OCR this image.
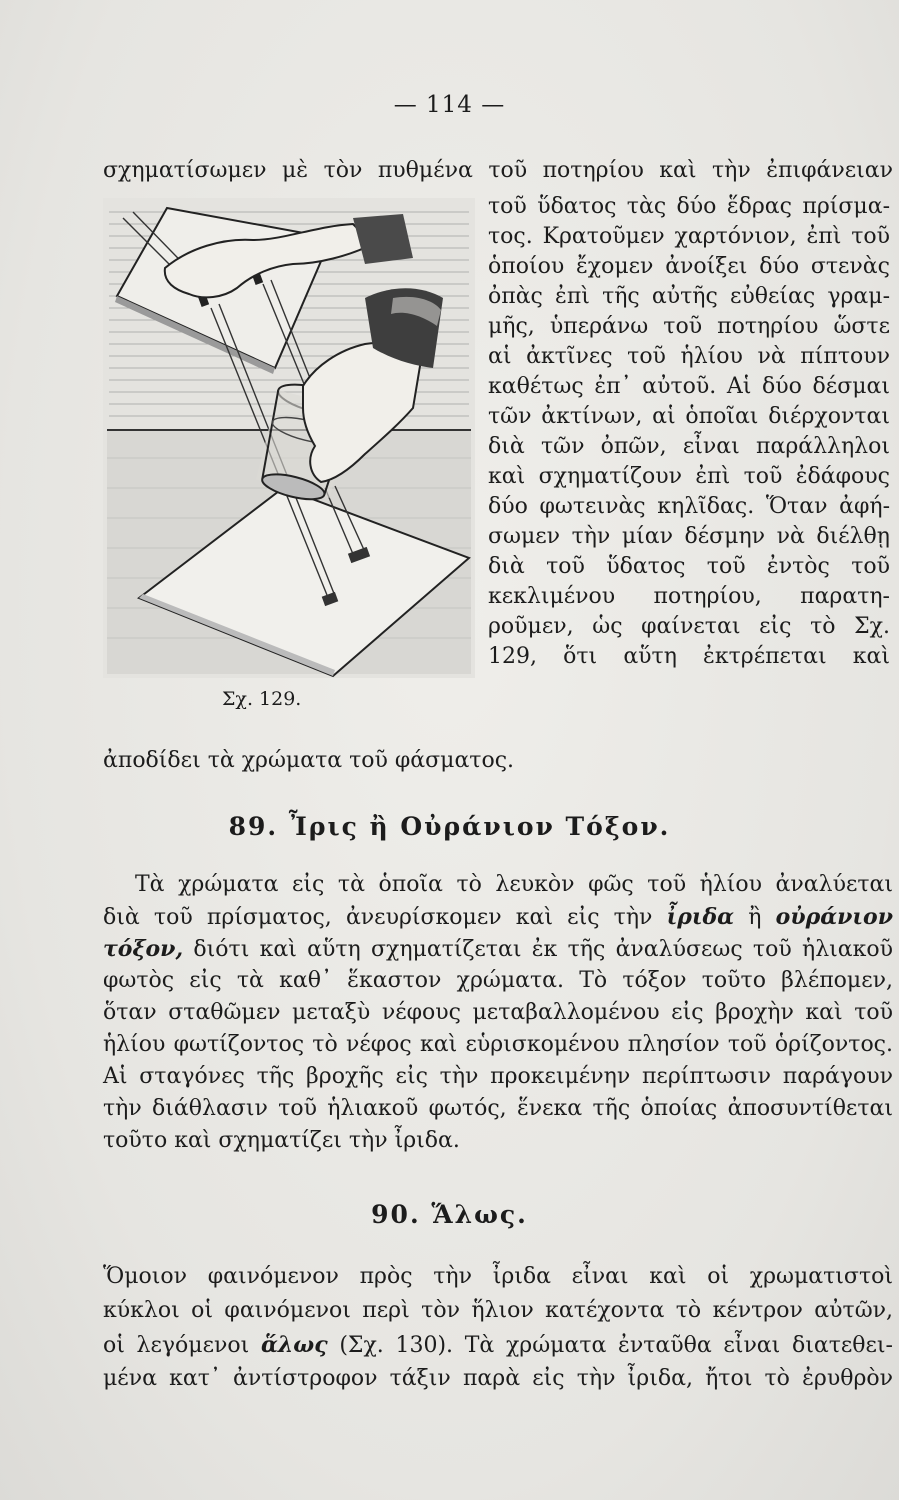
— 114 —
σχηματίσωμεν μὲ τὸν πυθμένα τοῦ ποτηρίου καὶ τὴν ἐπιφάνειαν
Σχ. 129.
τοῦ ὕδατος τὰς δύο ἕδρας πρίσμα-
τος. Κρατοῦμεν χαρτόνιον, ἐπὶ τοῦ
ὁποίου ἔχομεν ἀνοίξει δύο στενὰς
ὀπὰς ἐπὶ τῆς αὐτῆς εὐθείας γραμ-
μῆς, ὑπεράνω τοῦ ποτηρίου ὥστε
αἱ ἀκτῖνες τοῦ ἡλίου νὰ πίπτουν
καθέτως ἐπ᾽ αὐτοῦ. Αἱ δύο δέσμαι
τῶν ἀκτίνων, αἱ ὁποῖαι διέρχονται
διὰ τῶν ὀπῶν, εἶναι παράλληλοι
καὶ σχηματίζουν ἐπὶ τοῦ ἐδάφους
δύο φωτεινὰς κηλῖδας. Ὅταν ἀφή-
σωμεν τὴν μίαν δέσμην νὰ διέλθῃ
διὰ τοῦ ὕδατος τοῦ ἐντὸς τοῦ
κεκλιμένου ποτηρίου, παρατη-
ροῦμεν, ὡς φαίνεται εἰς τὸ Σχ.
129, ὅτι αὕτη ἐκτρέπεται καὶ
ἀποδίδει τὰ χρώματα τοῦ φάσματος.
89. Ἶρις ἢ Οὐράνιον Τόξον.
Τὰ χρώματα εἰς τὰ ὁποῖα τὸ λευκὸν φῶς τοῦ ἡλίου ἀναλύεται
διὰ τοῦ πρίσματος, ἀνευρίσκομεν καὶ εἰς τὴν ἶριδα ἢ οὐράνιον
τόξον, διότι καὶ αὕτη σχηματίζεται ἐκ τῆς ἀναλύσεως τοῦ ἡλιακοῦ
φωτὸς εἰς τὰ καθ᾽ ἕκαστον χρώματα. Τὸ τόξον τοῦτο βλέπομεν,
ὅταν σταθῶμεν μεταξὺ νέφους μεταβαλλομένου εἰς βροχὴν καὶ τοῦ
ἡλίου φωτίζοντος τὸ νέφος καὶ εὑρισκομένου πλησίον τοῦ ὁρίζοντος.
Αἱ σταγόνες τῆς βροχῆς εἰς τὴν προκειμένην περίπτωσιν παράγουν
τὴν διάθλασιν τοῦ ἡλιακοῦ φωτός, ἕνεκα τῆς ὁποίας ἀποσυντίθεται
τοῦτο καὶ σχηματίζει τὴν ἶριδα.
90. Ἅλως.
Ὅμοιον φαινόμενον πρὸς τὴν ἶριδα εἶναι καὶ οἱ χρωματιστοὶ
κύκλοι οἱ φαινόμενοι περὶ τὸν ἥλιον κατέχοντα τὸ κέντρον αὐτῶν,
οἱ λεγόμενοι ἅλως (Σχ. 130). Τὰ χρώματα ἐνταῦθα εἶναι διατεθει-
μένα κατ᾽ ἀντίστροφον τάξιν παρὰ εἰς τὴν ἶριδα, ἤτοι τὸ ἐρυθρὸν
